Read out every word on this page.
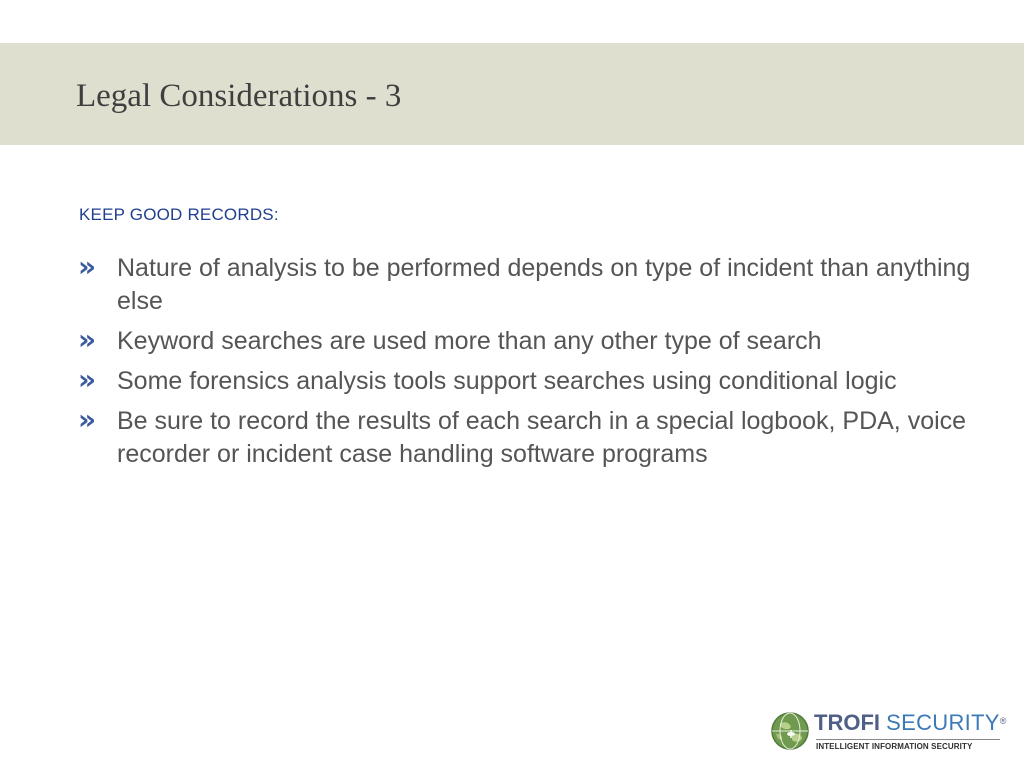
Legal Considerations - 3
KEEP GOOD RECORDS:
» Nature of analysis to be performed depends on type of incident than anything else
» Keyword searches are used more than any other type of search
» Some forensics analysis tools support searches using conditional logic
» Be sure to record the results of each search in a special logbook, PDA, voice recorder or incident case handling software programs
TROFI SECURITY®
INTELLIGENT INFORMATION SECURITY
